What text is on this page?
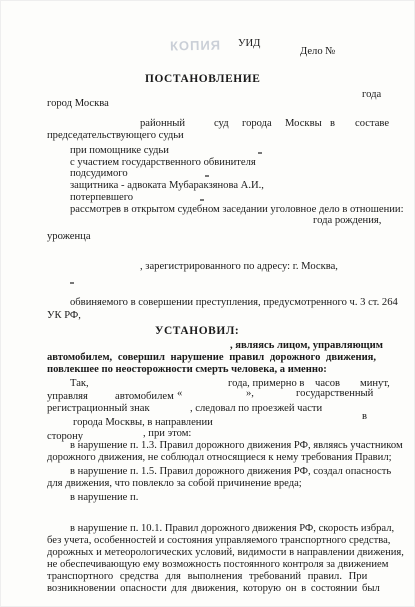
КОПИЯ УИД
Дело №
ПОСТАНОВЛЕНИЕ
года
город Москва
районный	суд города Москвы в составе
председательствующего судьи
при помощнике судьи
с участием государственного обвинителя
подсудимого
защитника - адвоката Мубаракзянова А.И.,
потерпевшего
рассмотрев в открытом судебном заседании уголовное дело в отношении:
года рождения,
уроженца
, зарегистрированного по адресу: г. Москва,
обвиняемого в совершении преступления, предусмотренного ч. 3 ст. 264
УК РФ,
УСТАНОВИЛ:
, являясь лицом, управляющим
автомобилем, совершил нарушение правил дорожного движения,
повлекшее по неосторожности смерть человека, а именно:
Так,	года, примерно в часов минут,
управляя	автомобилем «	»,	государственный
регистрационный знак	, следовал по проезжей части
города Москвы, в направлении
в
сторону	, при этом:
в нарушение п. 1.3. Правил дорожного движения РФ, являясь участником
дорожного движения, не соблюдал относящиеся к нему требования Правил;
в нарушение п. 1.5. Правил дорожного движения РФ, создал опасность
для движения, что повлекло за собой причинение вреда;
в нарушение п.
в нарушение п. 10.1. Правил дорожного движения РФ, скорость избрал,
без учета, особенностей и состояния управляемого транспортного средства,
дорожных и метеорологических условий, видимости в направлении движения,
не обеспечивающую ему возможность постоянного контроля за движением
транспортного средства для выполнения требований правил. При
возникновении опасности для движения, которую он в состоянии был
